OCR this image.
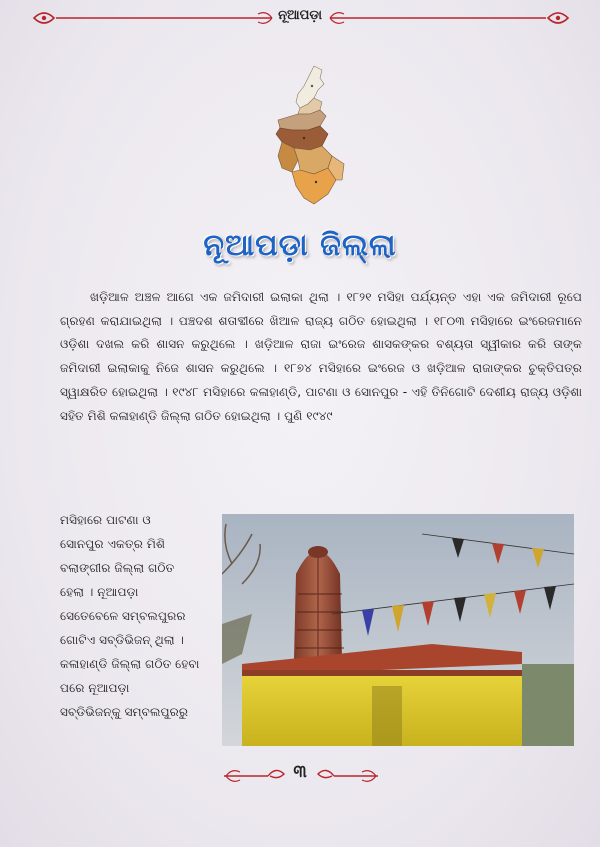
ନୂଆପଡ଼ା
ନୂଆପଡ଼ା ଜିଲ୍ଲା

ଖଡ଼ିଆଳ ଅଞ୍ଚଳ ଆଗେ ଏକ ଜମିଦାରୀ ଇଲାକା ଥିଲା । ୧୮୨୧ ମସିହା ପର୍ଯ୍ୟନ୍ତ ଏହା ଏକ ଜମିଦାରୀ ରୂପେ ଗ୍ରହଣ କରାଯାଇଥିଲା । ପଞ୍ଚଦଶ ଶତାବ୍ଦୀରେ ଖିଆଳ ରାଜ୍ୟ ଗଠିତ ହୋଇଥିଲା । ୧୮୦୩ ମସିହାରେ ଇଂରେଜମାନେ ଓଡ଼ିଶା ଦଖଲ କରି ଶାସନ କରୁଥିଲେ । ଖଡ଼ିଆଳ ରାଜା ଇଂରେଜ ଶାସକଙ୍କର ବଶ୍ୟତା ସ୍ୱୀକାର କରି ତାଙ୍କ ଜମିଦାରୀ ଇଲାକାକୁ ନିଜେ ଶାସନ କରୁଥିଲେ । ୧୮୭୪ ମସିହାରେ ଇଂରେଜ ଓ ଖଡ଼ିଆଳ ରାଜାଙ୍କର ଚୁକ୍ତିପତ୍ର ସ୍ୱାକ୍ଷରିତ ହୋଇଥିଲା । ୧୯୪୮ ମସିହାରେ କଳାହାଣ୍ଡି, ପାଟଣା ଓ ସୋନପୁର - ଏହି ତିନିଗୋଟି ଦେଶୀୟ ରାଜ୍ୟ ଓଡ଼ିଶା ସହିତ ମିଶି କଳାହାଣ୍ଡି ଜିଲ୍ଲା ଗଠିତ ହୋଇଥିଲା । ପୁଣି ୧୯୪୯

ମସିହାରେ ପାଟଣା ଓ
ସୋନପୁର ଏକତ୍ର ମିଶି
ବଲାଙ୍ଗୀର ଜିଲ୍ଲା ଗଠିତ
ହେଲା । ନୂଆପଡ଼ା
ସେତେବେଳେ ସମ୍ବଲପୁରର
ଗୋଟିଏ ସବ୍‌ଡିଭିଜନ୍ ଥିଲା ।
କଳାହାଣ୍ଡି ଜିଲ୍ଲା ଗଠିତ ହେବା
ପରେ ନୂଆପଡ଼ା
ସବ୍‌ଡିଭିଜନ୍‌କୁ ସମ୍ବଲପୁରରୁ
୩
